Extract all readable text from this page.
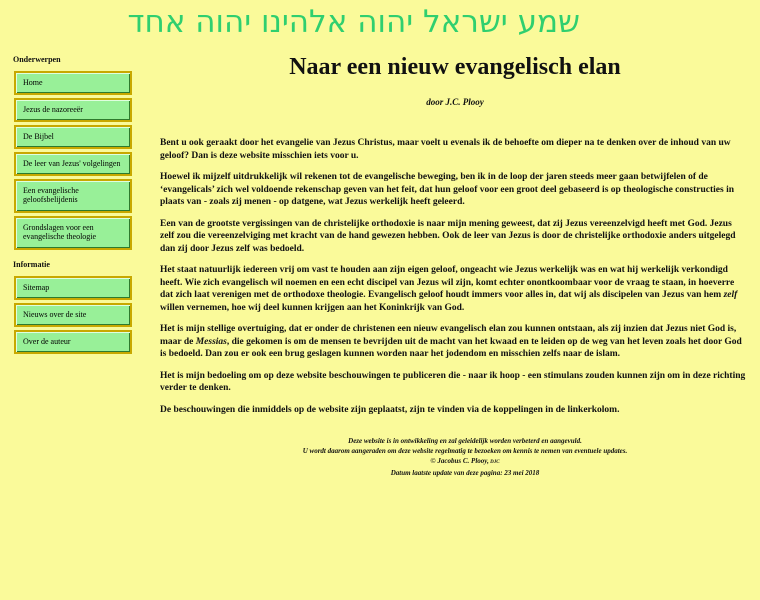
שמע ישראל יהוה אלהינו יהוה אחד
Onderwerpen
Home
Jezus de nazoreeër
De Bijbel
De leer van Jezus' volgelingen
Een evangelische geloofsbelijdenis
Grondslagen voor een evangelische theologie
Informatie
Sitemap
Nieuws over de site
Over de auteur
Naar een nieuw evangelisch elan
door J.C. Plooy

Bent u ook geraakt door het evangelie van Jezus Christus, maar voelt u evenals ik de behoefte om dieper na te denken over de inhoud van uw geloof? Dan is deze website misschien iets voor u.

Hoewel ik mijzelf uitdrukkelijk wil rekenen tot de evangelische beweging, ben ik in de loop der jaren steeds meer gaan betwijfelen of de ‘evangelicals’ zich wel voldoende rekenschap geven van het feit, dat hun geloof voor een groot deel gebaseerd is op theologische constructies in plaats van - zoals zij menen - op datgene, wat Jezus werkelijk heeft geleerd.

Een van de grootste vergissingen van de christelijke orthodoxie is naar mijn mening geweest, dat zij Jezus vereenzelvigd heeft met God. Jezus zelf zou die vereenzelviging met kracht van de hand gewezen hebben. Ook de leer van Jezus is door de christelijke orthodoxie anders uitgelegd dan zij door Jezus zelf was bedoeld.

Het staat natuurlijk iedereen vrij om vast te houden aan zijn eigen geloof, ongeacht wie Jezus werkelijk was en wat hij werkelijk verkondigd heeft. Wie zich evangelisch wil noemen en een echt discipel van Jezus wil zijn, komt echter onontkoombaar voor de vraag te staan, in hoeverre dat zich laat verenigen met de orthodoxe theologie. Evangelisch geloof houdt immers voor alles in, dat wij als discipelen van Jezus van hem zelf willen vernemen, hoe wij deel kunnen krijgen aan het Koninkrijk van God.

Het is mijn stellige overtuiging, dat er onder de christenen een nieuw evangelisch elan zou kunnen ontstaan, als zij inzien dat Jezus niet God is, maar de Messias, die gekomen is om de mensen te bevrijden uit de macht van het kwaad en te leiden op de weg van het leven zoals het door God is bedoeld. Dan zou er ook een brug geslagen kunnen worden naar het jodendom en misschien zelfs naar de islam.

Het is mijn bedoeling om op deze website beschouwingen te publiceren die - naar ik hoop - een stimulans zouden kunnen zijn om in deze richting verder te denken.

De beschouwingen die inmiddels op de website zijn geplaatst, zijn te vinden via de koppelingen in de linkerkolom.

Deze website is in ontwikkeling en zal geleidelijk worden verbeterd en aangevuld.
U wordt daarom aangeraden om deze website regelmatig te bezoeken om kennis te nemen van eventuele updates.
© Jacobus C. Plooy, DJC
Datum laatste update van deze pagina: 23 mei 2018
